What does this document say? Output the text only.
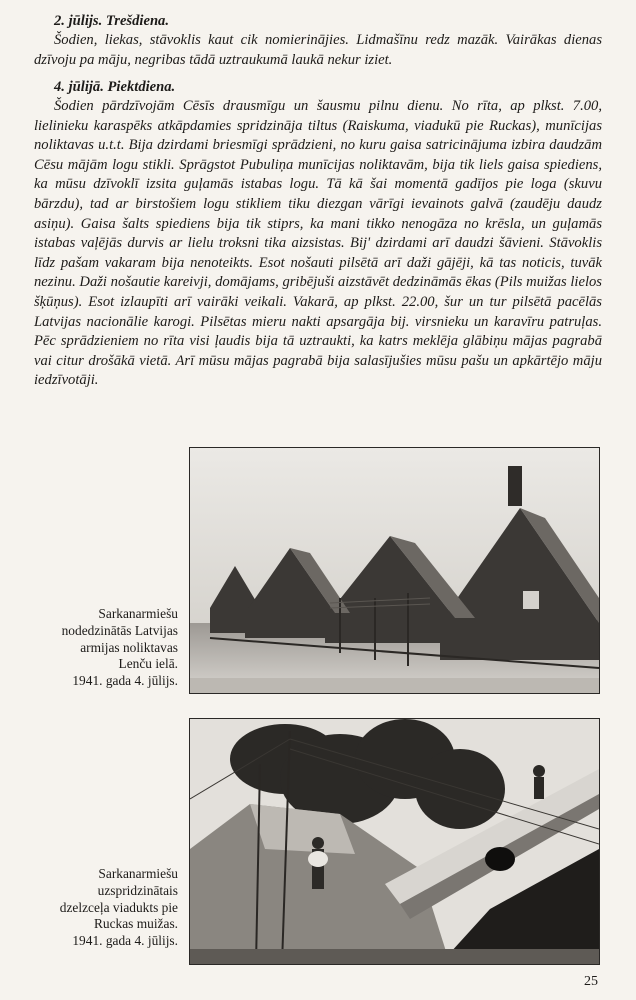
2. jūlijs. Trešdiena.

Šodien, liekas, stāvoklis kaut cik nomierinājies. Lidmašīnu redz mazāk. Vairākas dienas dzīvoju pa māju, negribas tādā uztraukumā laukā nekur iziet.

4. jūlijā. Piektdiena.

Šodien pārdzīvojām Cēsīs drausmīgu un šausmu pilnu dienu. No rīta, ap plkst. 7.00, lielinieku karaspēks atkāpdamies spridzināja tiltus (Raiskuma, viadukū pie Ruckas), munīcijas noliktavas u.t.t. Bija dzirdami briesmīgi sprādzieni, no kuru gaisa satricinājuma izbira daudzām Cēsu mājām logu stikli. Sprāgstot Pubuliņa munīcijas noliktavām, bija tik liels gaisa spiediens, ka mūsu dzīvoklī izsita guļamās istabas logu. Tā kā šai momentā gadījos pie loga (skuvu bārzdu), tad ar birstošiem logu stikliem tiku diezgan vārīgi ievainots galvā (zaudēju daudz asiņu). Gaisa šalts spiediens bija tik stiprs, ka mani tikko nenogāza no krēsla, un guļamās istabas vaļējās durvis ar lielu troksni tika aizsistas. Bij' dzirdami arī daudzi šāvieni. Stāvoklis līdz pašam vakaram bija nenoteikts. Esot nošauti pilsētā arī daži gājēji, kā tas noticis, tuvāk nezinu. Daži nošautie kareivji, domājams, gribējuši aizstāvēt dedzināmās ēkas (Pils muižas lielos šķūņus). Esot izlaupīti arī vairāki veikali. Vakarā, ap plkst. 22.00, šur un tur pilsētā pacēlās Latvijas nacionālie karogi. Pilsētas mieru nakti apsargāja bij. virsnieku un karavīru patruļas. Pēc sprādzieniem no rīta visi ļaudis bija tā uztraukti, ka katrs meklēja glābiņu mājas pagrabā vai citur drošākā vietā. Arī mūsu mājas pagrabā bija salasījušies mūsu pašu un apkārtējo māju iedzīvotāji.

Sarkanarmiešu
nodedzinātās Latvijas
armijas noliktavas
Lenču ielā.
1941. gada 4. jūlijs.
Sarkanarmiešu
uzspridzinātais
dzelzceļa viadukts pie
Ruckas muižas.
1941. gada 4. jūlijs.
25
